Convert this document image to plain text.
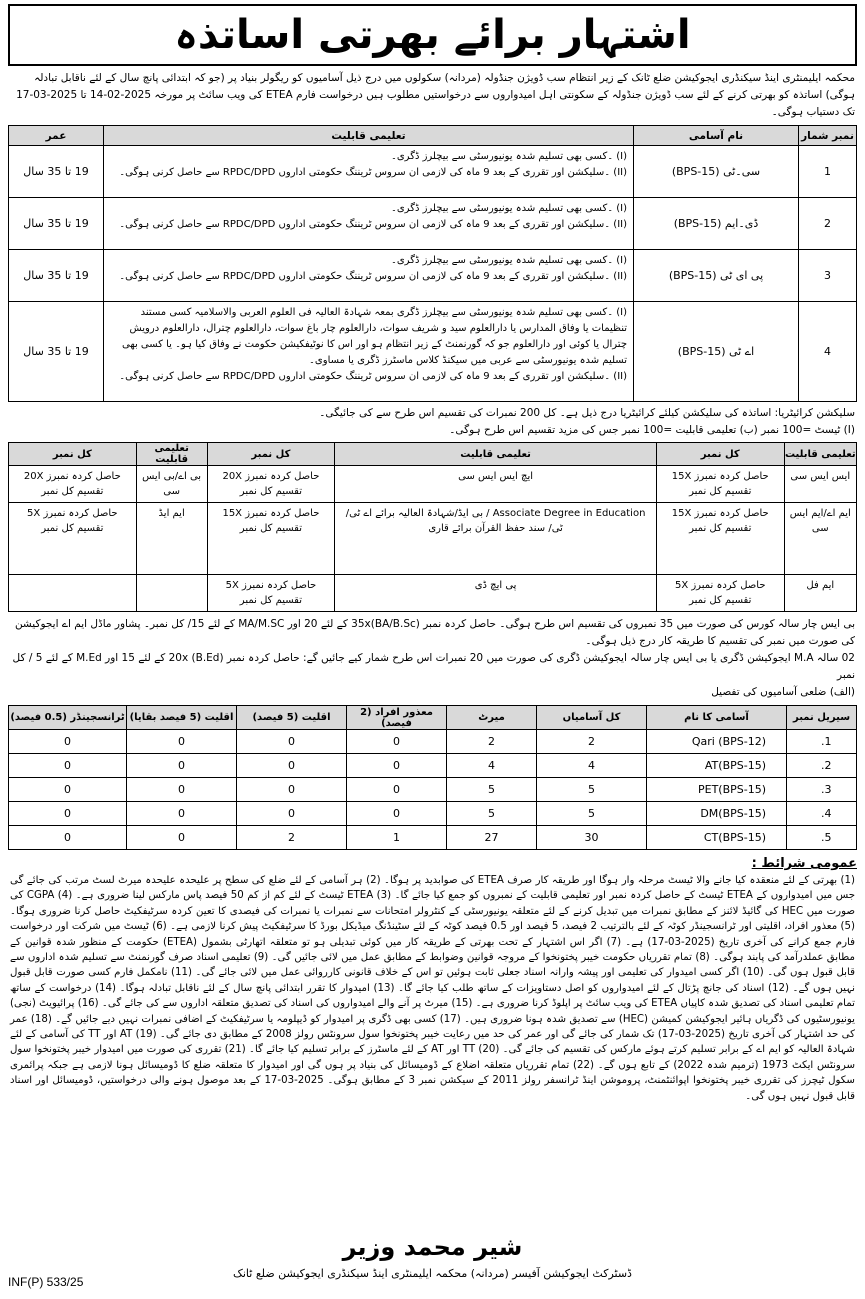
اشتہار برائے بھرتی اساتذہ
محکمہ ایلیمنٹری اینڈ سیکنڈری ایجوکیشن ضلع ٹانک کے زیر انتظام سب ڈویژن جنڈولہ (مردانہ) سکولوں میں درج ذیل آسامیوں کو ریگولر بنیاد پر (جو کہ ابتدائی پانچ سال کے لئے ناقابل تبادلہ ہوگی) اساتذہ کو بھرتی کرنے کے لئے سب ڈویژن جنڈولہ کے سکونتی اہل امیدواروں سے درخواستیں مطلوب ہیں درخواست فارم ETEA کی ویب سائٹ پر مورخہ 2025-02-14 تا 2025-03-17 تک دستیاب ہوگی۔
نمبر شمار	نام آسامی	تعلیمی قابلیت	عمر
1	سی۔ٹی (BPS-15)	(I) ۔کسی بھی تسلیم شدہ یونیورسٹی سے بیچلرز ڈگری۔
(II) ۔سلیکشن اور تقرری کے بعد 9 ماہ کی لازمی ان سروس ٹریننگ حکومتی اداروں RPDC/DPD سے حاصل کرنی ہوگی۔	19 تا 35 سال
2	ڈی۔ایم (BPS-15)	(I) ۔کسی بھی تسلیم شدہ یونیورسٹی سے بیچلرز ڈگری۔
(II) ۔سلیکشن اور تقرری کے بعد 9 ماہ کی لازمی ان سروس ٹریننگ حکومتی اداروں RPDC/DPD سے حاصل کرنی ہوگی۔	19 تا 35 سال
3	پی ای ٹی (BPS-15)	(I) ۔کسی بھی تسلیم شدہ یونیورسٹی سے بیچلرز ڈگری۔
(II) ۔سلیکشن اور تقرری کے بعد 9 ماہ کی لازمی ان سروس ٹریننگ حکومتی اداروں RPDC/DPD سے حاصل کرنی ہوگی۔	19 تا 35 سال
4	اے ٹی (BPS-15)	(I) ۔کسی بھی تسلیم شدہ یونیورسٹی سے بیچلرز ڈگری بمعہ شہادۃ العالیہ فی العلوم العربی والاسلامیہ کسی مستند تنظیمات یا وفاق المدارس یا دارالعلوم سید و شریف سوات، دارالعلوم چار باغ سوات، دارالعلوم چترال، دارالعلوم درویش چترال یا کوئی اور دارالعلوم جو کہ گورنمنٹ کے زیر انتظام ہو اور اس کا نوٹیفکیشن حکومت نے وفاق کیا ہو۔ یا کسی بھی تسلیم شدہ یونیورسٹی سے عربی میں سیکنڈ کلاس ماسٹرز ڈگری یا مساوی۔
(II) ۔سلیکشن اور تقرری کے بعد 9 ماہ کی لازمی ان سروس ٹریننگ حکومتی اداروں RPDC/DPD سے حاصل کرنی ہوگی۔	19 تا 35 سال
سلیکشن کرائیٹریا: اساتذہ کی سلیکشن کیلئے کرائیٹریا درج ذیل ہے۔ کل 200 نمبرات کی تقسیم اس طرح سے کی جائیگی۔
(I) ٹیسٹ =100 نمبر (ب) تعلیمی قابلیت =100 نمبر جس کی مزید تقسیم اس طرح ہوگی۔
تعلیمی قابلیت	کل نمبر	تعلیمی قابلیت	کل نمبر	تعلیمی قابلیت	کل نمبر
ایس ایس سی	حاصل کردہ نمبرز 15X تقسیم کل نمبر	ایچ ایس ایس سی	حاصل کردہ نمبرز 20X تقسیم کل نمبر	بی اے/بی ایس سی	حاصل کردہ نمبرز 20X تقسیم کل نمبر
ایم اے/ایم ایس سی	حاصل کردہ نمبرز 15X تقسیم کل نمبر	Associate Degree in Education / بی ایڈ/شہادۃ العالیہ برائے اے ٹی/ ٹی/ سند حفظ القرآن برائے قاری	حاصل کردہ نمبرز 15X تقسیم کل نمبر	ایم ایڈ	حاصل کردہ نمبرز 5X تقسیم کل نمبر
ایم فل	حاصل کردہ نمبرز 5X تقسیم کل نمبر	پی ایچ ڈی	حاصل کردہ نمبرز 5X تقسیم کل نمبر		
بی ایس چار سالہ کورس کی صورت میں 35 نمبروں کی تقسیم اس طرح ہوگی۔ حاصل کردہ نمبر (BA/B.Sc)35x کے لئے 20 اور MA/M.SC کے لئے 15/ کل نمبر۔ پشاور ماڈل ایم اے ایجوکیشن کی صورت میں نمبر کی تقسیم کا طریقہ کار درج ذیل ہوگی۔
02 سالہ M.A ایجوکیشن ڈگری یا بی ایس چار سالہ ایجوکیشن ڈگری کی صورت میں 20 نمبرات اس طرح شمار کیے جائیں گے: حاصل کردہ نمبر (B.Ed) 20x کے لئے 15 اور M.Ed کے لئے 5 / کل نمبر
(الف) ضلعی آسامیوں کی تفصیل
سیریل نمبر	آسامی کا نام	کل آسامیاں	میرٹ	معذور افراد (2 فیصد)	اقلیت (5 فیصد)	اقلیت (5 فیصد بقایا)	ٹرانسجینڈر (0.5 فیصد)
1.	Qari (BPS-12)	2	2	0	0	0	0
2.	AT(BPS-15)	4	4	0	0	0	0
3.	PET(BPS-15)	5	5	0	0	0	0
4.	DM(BPS-15)	5	5	0	0	0	0
5.	CT(BPS-15)	30	27	1	2	0	0
عمومی شرائط :
(1) بھرتی کے لئے منعقدہ کیا جانے والا ٹیسٹ مرحلہ وار ہوگا اور طریقہ کار صرف ETEA کی صوابدید پر ہوگا۔ (2) ہر آسامی کے لئے ضلع کی سطح پر علیحدہ علیحدہ میرٹ لسٹ مرتب کی جائے گی جس میں امیدواروں کے ETEA ٹیسٹ کے حاصل کردہ نمبر اور تعلیمی قابلیت کے نمبروں کو جمع کیا جائے گا۔ (3) ETEA ٹیسٹ کے لئے کم از کم 50 فیصد پاس مارکس لینا ضروری ہے۔ (4) CGPA کی صورت میں HEC کی گائیڈ لائنز کے مطابق نمبرات میں تبدیل کرنے کے لئے متعلقہ یونیورسٹی کے کنٹرولر امتحانات سے نمبرات یا نمبرات کی فیصدی کا تعین کردہ سرٹیفکیٹ حاصل کرنا ضروری ہوگا۔ (5) معذور افراد، اقلیتی اور ٹرانسجینڈر کوٹہ کے لئے بالترتیب 2 فیصد، 5 فیصد اور 0.5 فیصد کوٹہ کے لئے سٹینڈنگ میڈیکل بورڈ کا سرٹیفکیٹ پیش کرنا لازمی ہے۔ (6) ٹیسٹ میں شرکت اور درخواست فارم جمع کرانے کی آخری تاریخ (2025-03-17) ہے۔ (7) اگر اس اشتہار کے تحت بھرتی کے طریقہ کار میں کوئی تبدیلی ہو تو متعلقہ اتھارٹی بشمول (ETEA) حکومت کے منظور شدہ قوانین کے مطابق عملدرآمد کی پابند ہوگی۔ (8) تمام تقرریاں حکومت خیبر پختونخوا کے مروجہ قوانین وضوابط کے مطابق عمل میں لائی جائیں گی۔ (9) تعلیمی اسناد صرف گورنمنٹ سے تسلیم شدہ اداروں سے قابل قبول ہوں گی۔ (10) اگر کسی امیدوار کی تعلیمی اور پیشہ وارانہ اسناد جعلی ثابت ہوئیں تو اس کے خلاف قانونی کارروائی عمل میں لائی جائے گی۔ (11) نامکمل فارم کسی صورت قابل قبول نہیں ہوں گے۔ (12) اسناد کی جانچ پڑتال کے لئے امیدواروں کو اصل دستاویزات کے ساتھ طلب کیا جائے گا۔ (13) امیدوار کا تقرر ابتدائی پانچ سال کے لئے ناقابل تبادلہ ہوگا۔ (14) درخواست کے ساتھ تمام تعلیمی اسناد کی تصدیق شدہ کاپیاں ETEA کی ویب سائٹ پر اپلوڈ کرنا ضروری ہے۔ (15) میرٹ پر آنے والے امیدواروں کی اسناد کی تصدیق متعلقہ اداروں سے کی جائے گی۔ (16) پرائیویٹ (نجی) یونیورسٹیوں کی ڈگریاں ہائیر ایجوکیشن کمیشن (HEC) سے تصدیق شدہ ہونا ضروری ہیں۔ (17) کسی بھی ڈگری پر امیدوار کو ڈیپلومہ یا سرٹیفکیٹ کے اضافی نمبرات نہیں دیے جائیں گے۔ (18) عمر کی حد اشتہار کی آخری تاریخ (2025-03-17) تک شمار کی جائے گی اور عمر کی حد میں رعایت خیبر پختونخوا سول سرونٹس رولز 2008 کے مطابق دی جائے گی۔ (19) AT اور TT کی آسامی کے لئے شہادۃ العالیہ کو ایم اے کے برابر تسلیم کرتے ہوئے مارکس کی تقسیم کی جائے گی۔ (20) TT اور AT کے لئے ماسٹرز کے برابر تسلیم کیا جائے گا۔ (21) تقرری کی صورت میں امیدوار خیبر پختونخوا سول سرونٹس ایکٹ 1973 (ترمیم شدہ 2022) کے تابع ہوں گے۔ (22) تمام تقرریاں متعلقہ اضلاع کے ڈومیسائل کی بنیاد پر ہوں گی اور امیدوار کا متعلقہ ضلع کا ڈومیسائل ہونا لازمی ہے جبکہ پرائمری سکول ٹیچرز کی تقرری خیبر پختونخوا اپوائنٹمنٹ، پروموشن اینڈ ٹرانسفر رولز 2011 کے سیکشن نمبر 3 کے مطابق ہوگی۔ 2025-03-17 کے بعد موصول ہونے والی درخواستیں، ڈومیسائل اور اسناد قابل قبول نہیں ہوں گی۔
شیر محمد وزیر
ڈسٹرکٹ ایجوکیشن آفیسر (مردانہ) محکمہ ایلیمنٹری اینڈ سیکنڈری ایجوکیشن ضلع ٹانک
INF(P) 533/25
